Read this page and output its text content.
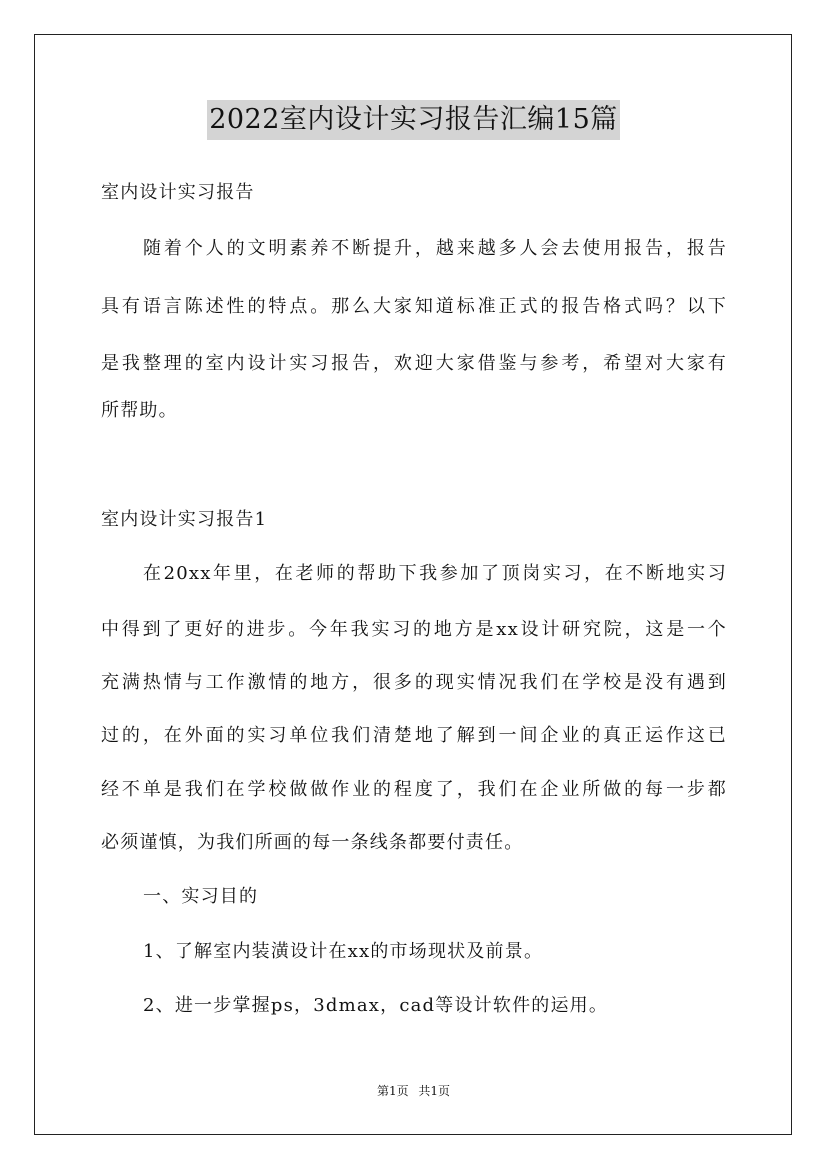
2022室内设计实习报告汇编15篇
室内设计实习报告
随着个人的文明素养不断提升，越来越多人会去使用报告，报告
具有语言陈述性的特点。那么大家知道标准正式的报告格式吗？以下
是我整理的室内设计实习报告，欢迎大家借鉴与参考，希望对大家有
所帮助。
室内设计实习报告1
在20xx年里，在老师的帮助下我参加了顶岗实习，在不断地实习
中得到了更好的进步。今年我实习的地方是xx设计研究院，这是一个
充满热情与工作激情的地方，很多的现实情况我们在学校是没有遇到
过的，在外面的实习单位我们清楚地了解到一间企业的真正运作这已
经不单是我们在学校做做作业的程度了，我们在企业所做的每一步都
必须谨慎，为我们所画的每一条线条都要付责任。
一、实习目的
1、了解室内装潢设计在xx的市场现状及前景。
2、进一步掌握ps，3dmax，cad等设计软件的运用。
第1页 共1页
